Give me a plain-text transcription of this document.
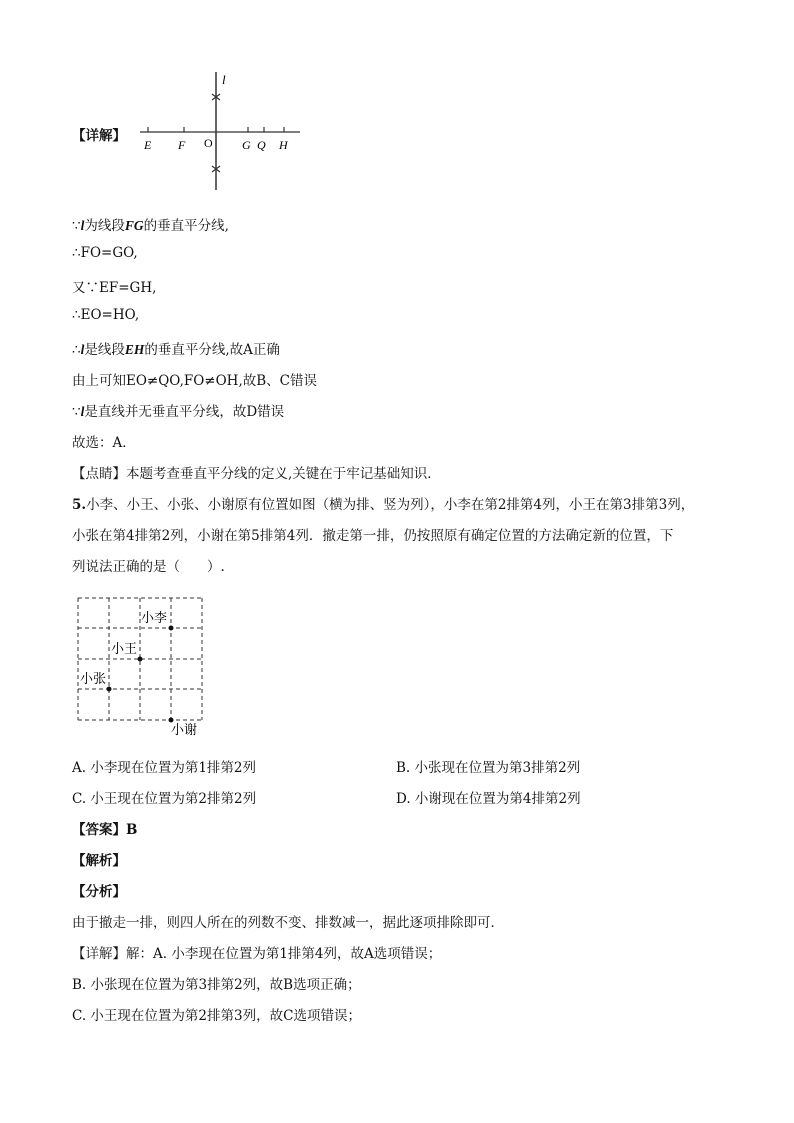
【详解】
l
O
E F	G Q H
∵l为线段FG的垂直平分线,
∴FO=GO,
又∵EF=GH,
∴EO=HO,
∴l是线段EH的垂直平分线,故A正确
由上可知EO≠QO,FO≠OH,故B、C错误
∵l是直线并无垂直平分线，故D错误
故选：A．
【点睛】本题考查垂直平分线的定义,关键在于牢记基础知识．
5.小李、小王、小张、小谢原有位置如图（横为排、竖为列），小李在第2排第4列，小王在第3排第3列，
小张在第4排第2列，小谢在第5排第4列．撤走第一排，仍按照原有确定位置的方法确定新的位置，下
列说法正确的是（　　）.
小李
小王
小张
小谢
A. 小李现在位置为第1排第2列	B. 小张现在位置为第3排第2列
C. 小王现在位置为第2排第2列	D. 小谢现在位置为第4排第2列
【答案】B
【解析】
【分析】
由于撤走一排，则四人所在的列数不变、排数减一，据此逐项排除即可．
【详解】解：A. 小李现在位置为第1排第4列，故A选项错误；
B. 小张现在位置为第3排第2列，故B选项正确；
C. 小王现在位置为第2排第3列，故C选项错误；
